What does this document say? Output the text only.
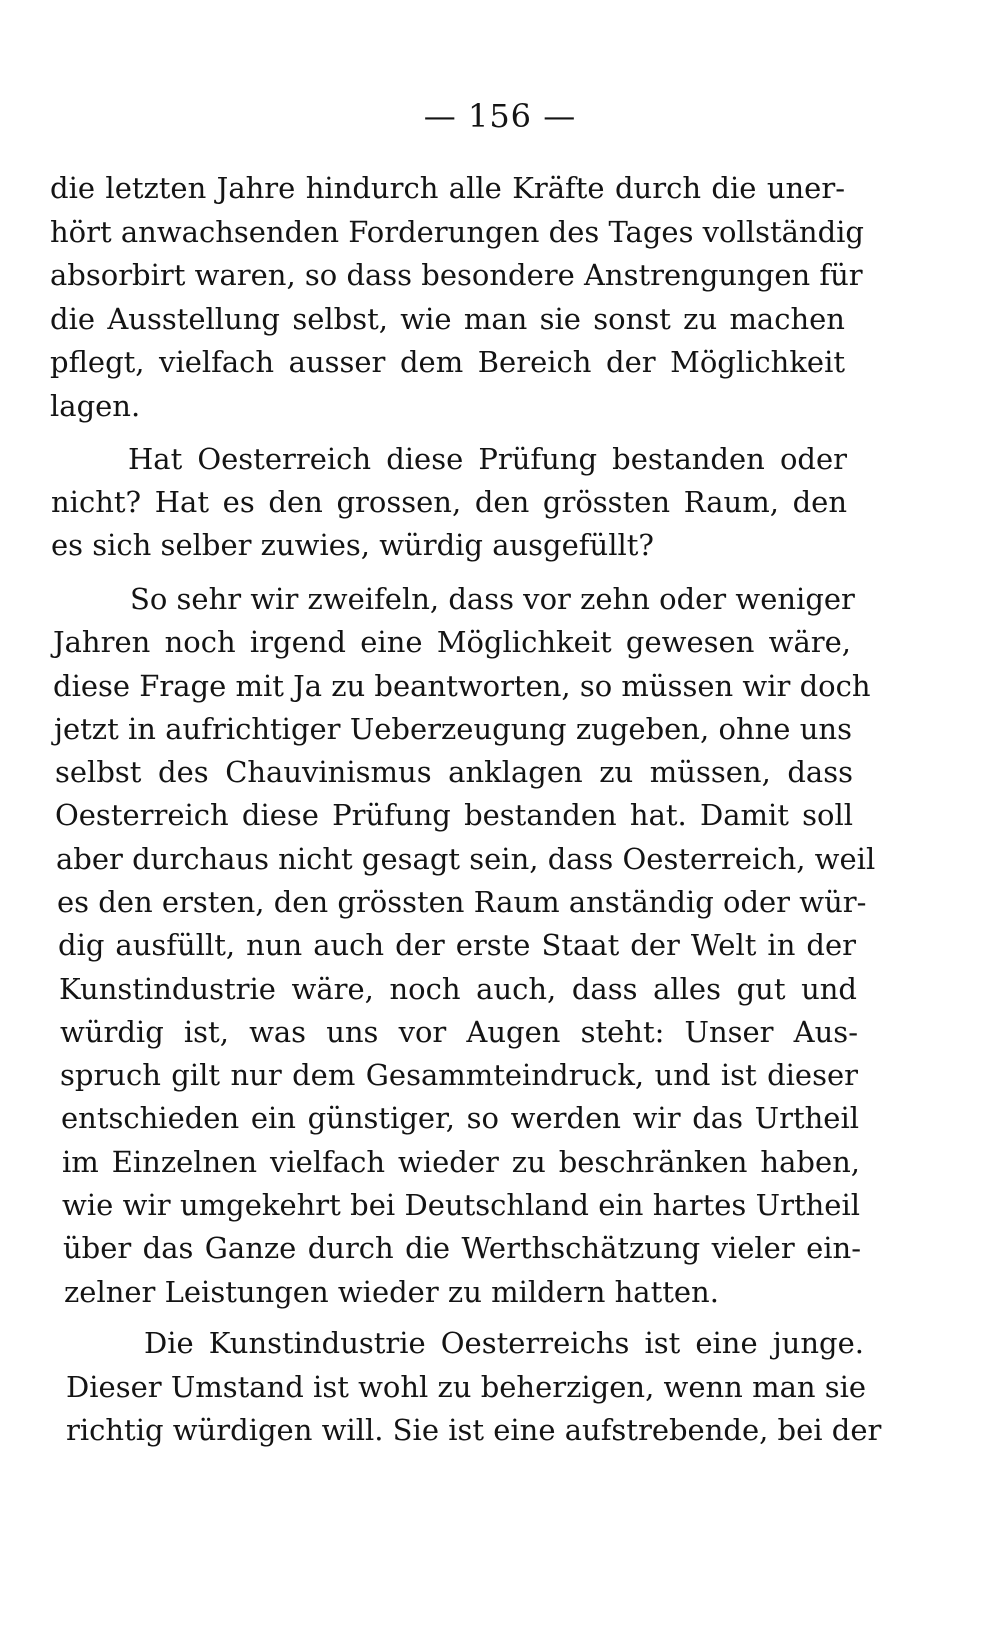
— 156 —
die letzten Jahre hindurch alle Kräfte durch die uner-
hört anwachsenden Forderungen des Tages vollständig
absorbirt waren, so dass besondere Anstrengungen für
die Ausstellung selbst, wie man sie sonst zu machen
pflegt, vielfach ausser dem Bereich der Möglichkeit
lagen.
Hat Oesterreich diese Prüfung bestanden oder
nicht? Hat es den grossen, den grössten Raum, den
es sich selber zuwies, würdig ausgefüllt?
So sehr wir zweifeln, dass vor zehn oder weniger
Jahren noch irgend eine Möglichkeit gewesen wäre,
diese Frage mit Ja zu beantworten, so müssen wir doch
jetzt in aufrichtiger Ueberzeugung zugeben, ohne uns
selbst des Chauvinismus anklagen zu müssen, dass
Oesterreich diese Prüfung bestanden hat. Damit soll
aber durchaus nicht gesagt sein, dass Oesterreich, weil
es den ersten, den grössten Raum anständig oder wür-
dig ausfüllt, nun auch der erste Staat der Welt in der
Kunstindustrie wäre, noch auch, dass alles gut und
würdig ist, was uns vor Augen steht: Unser Aus-
spruch gilt nur dem Gesammteindruck, und ist dieser
entschieden ein günstiger, so werden wir das Urtheil
im Einzelnen vielfach wieder zu beschränken haben,
wie wir umgekehrt bei Deutschland ein hartes Urtheil
über das Ganze durch die Werthschätzung vieler ein-
zelner Leistungen wieder zu mildern hatten.
Die Kunstindustrie Oesterreichs ist eine junge.
Dieser Umstand ist wohl zu beherzigen, wenn man sie
richtig würdigen will. Sie ist eine aufstrebende, bei der
